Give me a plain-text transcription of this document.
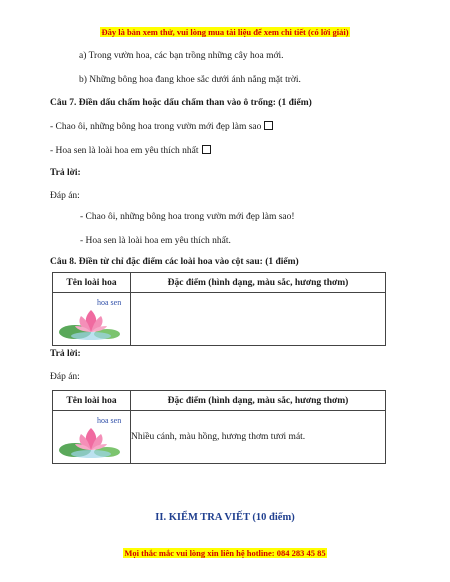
Đây là bản xem thử, vui lòng mua tài liệu để xem chi tiết (có lời giải)
a) Trong vườn hoa, các bạn trồng những cây hoa mới.
b) Những bông hoa đang khoe sắc dưới ánh nắng mặt trời.
Câu 7. Điền dấu chấm hoặc dấu chấm than vào ô trống: (1 điểm)
- Chao ôi, những bông hoa trong vườn mới đẹp làm sao
- Hoa sen là loài hoa em yêu thích nhất
Trả lời:
Đáp án:
- Chao ôi, những bông hoa trong vườn mới đẹp làm sao!
- Hoa sen là loài hoa em yêu thích nhất.
Câu 8. Điền từ chỉ đặc điểm các loài hoa vào cột sau: (1 điểm)
Tên loài hoa	Đặc điểm (hình dạng, màu sắc, hương thơm)

hoa sen	

Trả lời:
Đáp án:
Tên loài hoa	Đặc điểm (hình dạng, màu sắc, hương thơm)

hoa sen	Nhiều cánh, màu hồng, hương thơm tươi mát.
II. KIỂM TRA VIẾT (10 điểm)
Mọi thắc mắc vui lòng xin liên hệ hotline: 084 283 45 85
